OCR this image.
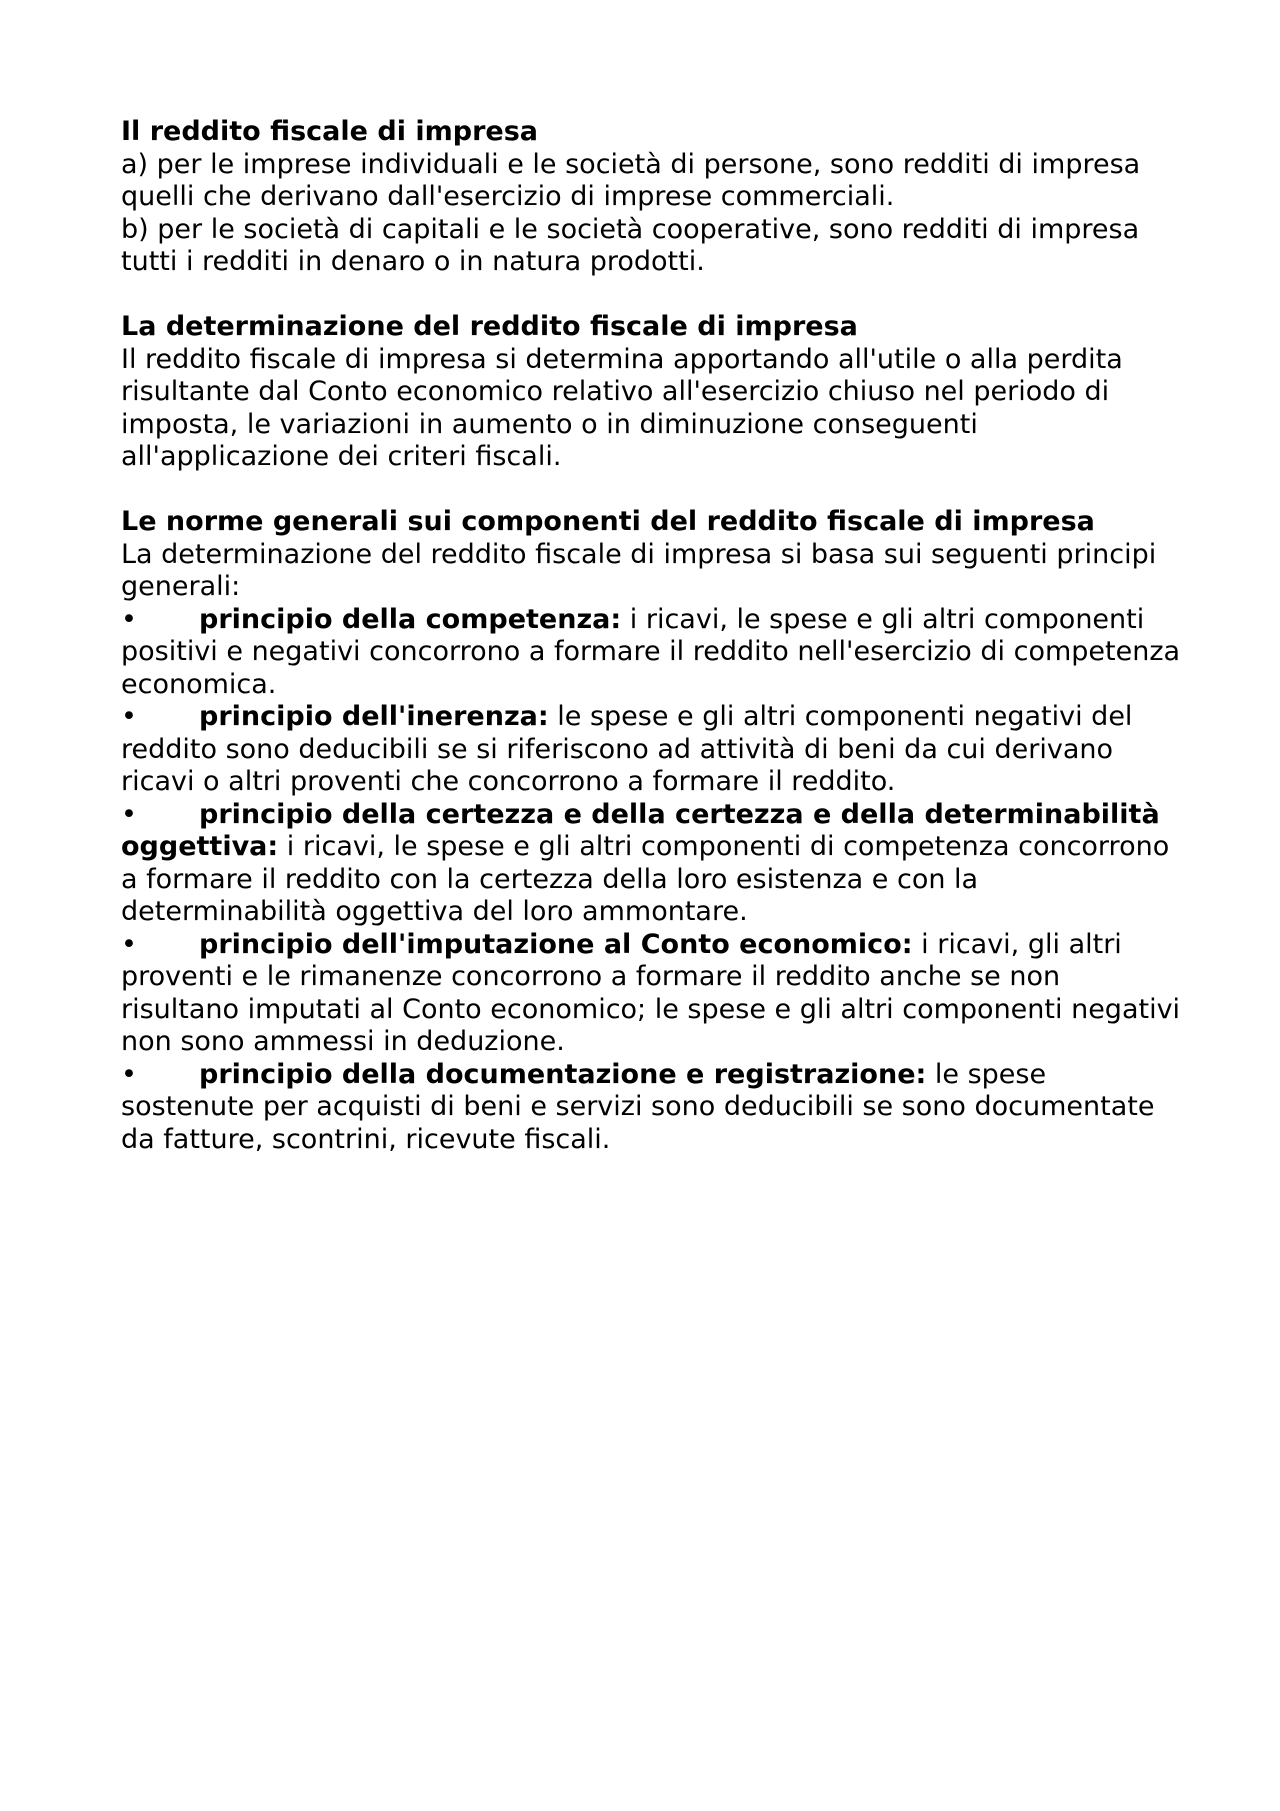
Il reddito fiscale di impresa

a) per le imprese individuali e le società di persone, sono redditi di impresa quelli che derivano dall'esercizio di imprese commerciali.

b) per le società di capitali e le società cooperative, sono redditi di impresa tutti i redditi in denaro o in natura prodotti.

La determinazione del reddito fiscale di impresa

Il reddito fiscale di impresa si determina apportando all'utile o alla perdita risultante dal Conto economico relativo all'esercizio chiuso nel periodo di imposta, le variazioni in aumento o in diminuzione conseguenti all'applicazione dei criteri fiscali.

Le norme generali sui componenti del reddito fiscale di impresa

La determinazione del reddito fiscale di impresa si basa sui seguenti principi generali:

• principio della competenza: i ricavi, le spese e gli altri componenti positivi e negativi concorrono a formare il reddito nell'esercizio di competenza economica.

• principio dell'inerenza: le spese e gli altri componenti negativi del reddito sono deducibili se si riferiscono ad attività di beni da cui derivano ricavi o altri proventi che concorrono a formare il reddito.

• principio della certezza e della certezza e della determinabilità oggettiva: i ricavi, le spese e gli altri componenti di competenza concorrono a formare il reddito con la certezza della loro esistenza e con la determinabilità oggettiva del loro ammontare.

• principio dell'imputazione al Conto economico: i ricavi, gli altri proventi e le rimanenze concorrono a formare il reddito anche se non risultano imputati al Conto economico; le spese e gli altri componenti negativi non sono ammessi in deduzione.

• principio della documentazione e registrazione: le spese sostenute per acquisti di beni e servizi sono deducibili se sono documentate da fatture, scontrini, ricevute fiscali.
